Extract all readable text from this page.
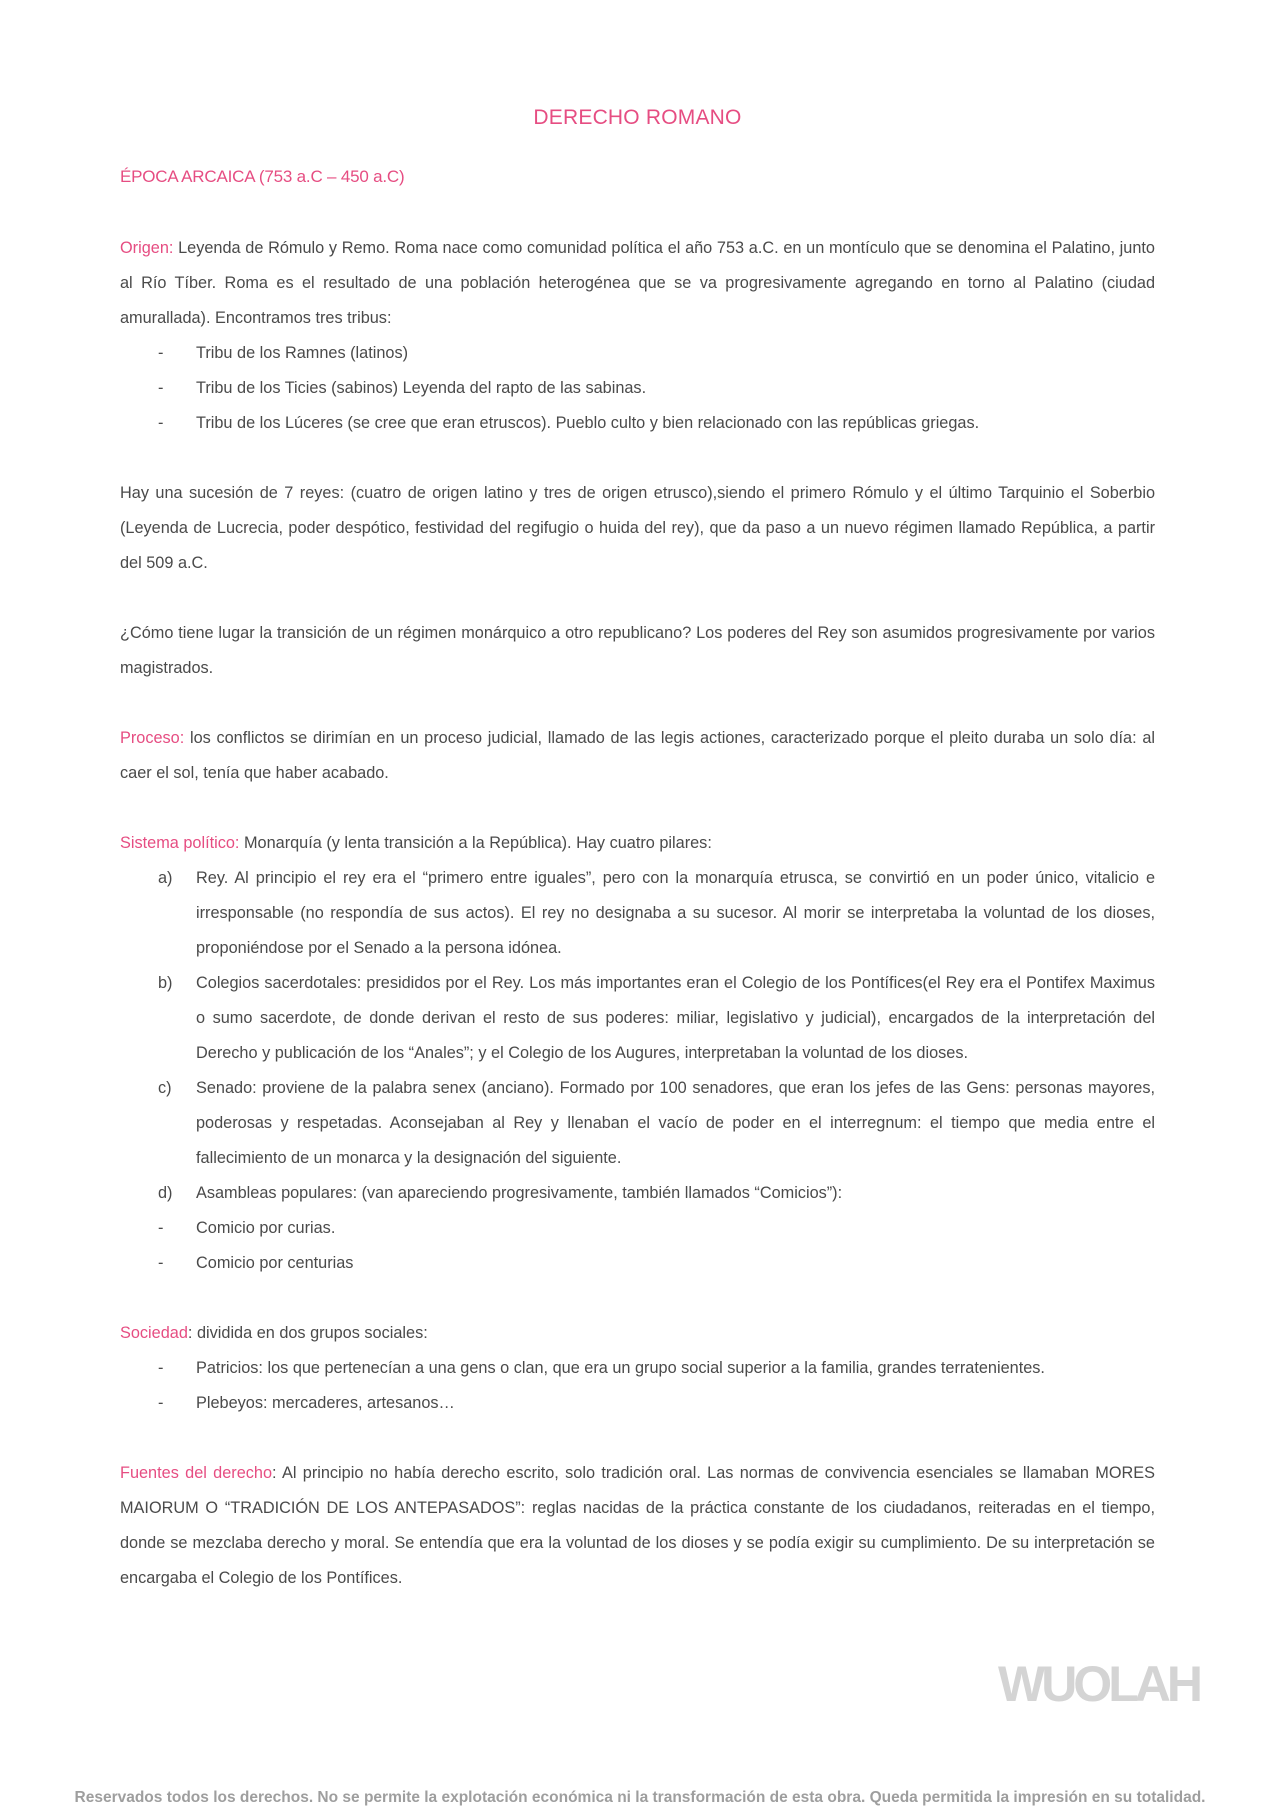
DERECHO ROMANO
ÉPOCA ARCAICA (753 a.C – 450 a.C)

Origen: Leyenda de Rómulo y Remo. Roma nace como comunidad política el año 753 a.C. en un montículo que se denomina el Palatino, junto al Río Tíber. Roma es el resultado de una población heterogénea que se va progresivamente agregando en torno al Palatino (ciudad amurallada). Encontramos tres tribus:

- Tribu de los Ramnes (latinos)
- Tribu de los Ticies (sabinos) Leyenda del rapto de las sabinas.
- Tribu de los Lúceres (se cree que eran etruscos). Pueblo culto y bien relacionado con las repúblicas griegas.

Hay una sucesión de 7 reyes: (cuatro de origen latino y tres de origen etrusco),siendo el primero Rómulo y el último Tarquinio el Soberbio (Leyenda de Lucrecia, poder despótico, festividad del regifugio o huida del rey), que da paso a un nuevo régimen llamado República, a partir del 509 a.C.

¿Cómo tiene lugar la transición de un régimen monárquico a otro republicano? Los poderes del Rey son asumidos progresivamente por varios magistrados.

Proceso: los conflictos se dirimían en un proceso judicial, llamado de las legis actiones, caracterizado porque el pleito duraba un solo día: al caer el sol, tenía que haber acabado.

Sistema político: Monarquía (y lenta transición a la República). Hay cuatro pilares:

a) Rey. Al principio el rey era el “primero entre iguales”, pero con la monarquía etrusca, se convirtió en un poder único, vitalicio e irresponsable (no respondía de sus actos). El rey no designaba a su sucesor. Al morir se interpretaba la voluntad de los dioses, proponiéndose por el Senado a la persona idónea.
b) Colegios sacerdotales: presididos por el Rey. Los más importantes eran el Colegio de los Pontífices(el Rey era el Pontifex Maximus o sumo sacerdote, de donde derivan el resto de sus poderes: miliar, legislativo y judicial), encargados de la interpretación del Derecho y publicación de los “Anales”; y el Colegio de los Augures, interpretaban la voluntad de los dioses.
c) Senado: proviene de la palabra senex (anciano). Formado por 100 senadores, que eran los jefes de las Gens: personas mayores, poderosas y respetadas. Aconsejaban al Rey y llenaban el vacío de poder en el interregnum: el tiempo que media entre el fallecimiento de un monarca y la designación del siguiente.
d) Asambleas populares: (van apareciendo progresivamente, también llamados “Comicios”):
- Comicio por curias.
- Comicio por centurias

Sociedad: dividida en dos grupos sociales:

- Patricios: los que pertenecían a una gens o clan, que era un grupo social superior a la familia, grandes terratenientes.
- Plebeyos: mercaderes, artesanos…

Fuentes del derecho: Al principio no había derecho escrito, solo tradición oral. Las normas de convivencia esenciales se llamaban MORES MAIORUM O “TRADICIÓN DE LOS ANTEPASADOS”: reglas nacidas de la práctica constante de los ciudadanos, reiteradas en el tiempo, donde se mezclaba derecho y moral. Se entendía que era la voluntad de los dioses y se podía exigir su cumplimiento. De su interpretación se encargaba el Colegio de los Pontífices.

WUOLAH
Reservados todos los derechos. No se permite la explotación económica ni la transformación de esta obra. Queda permitida la impresión en su totalidad.
